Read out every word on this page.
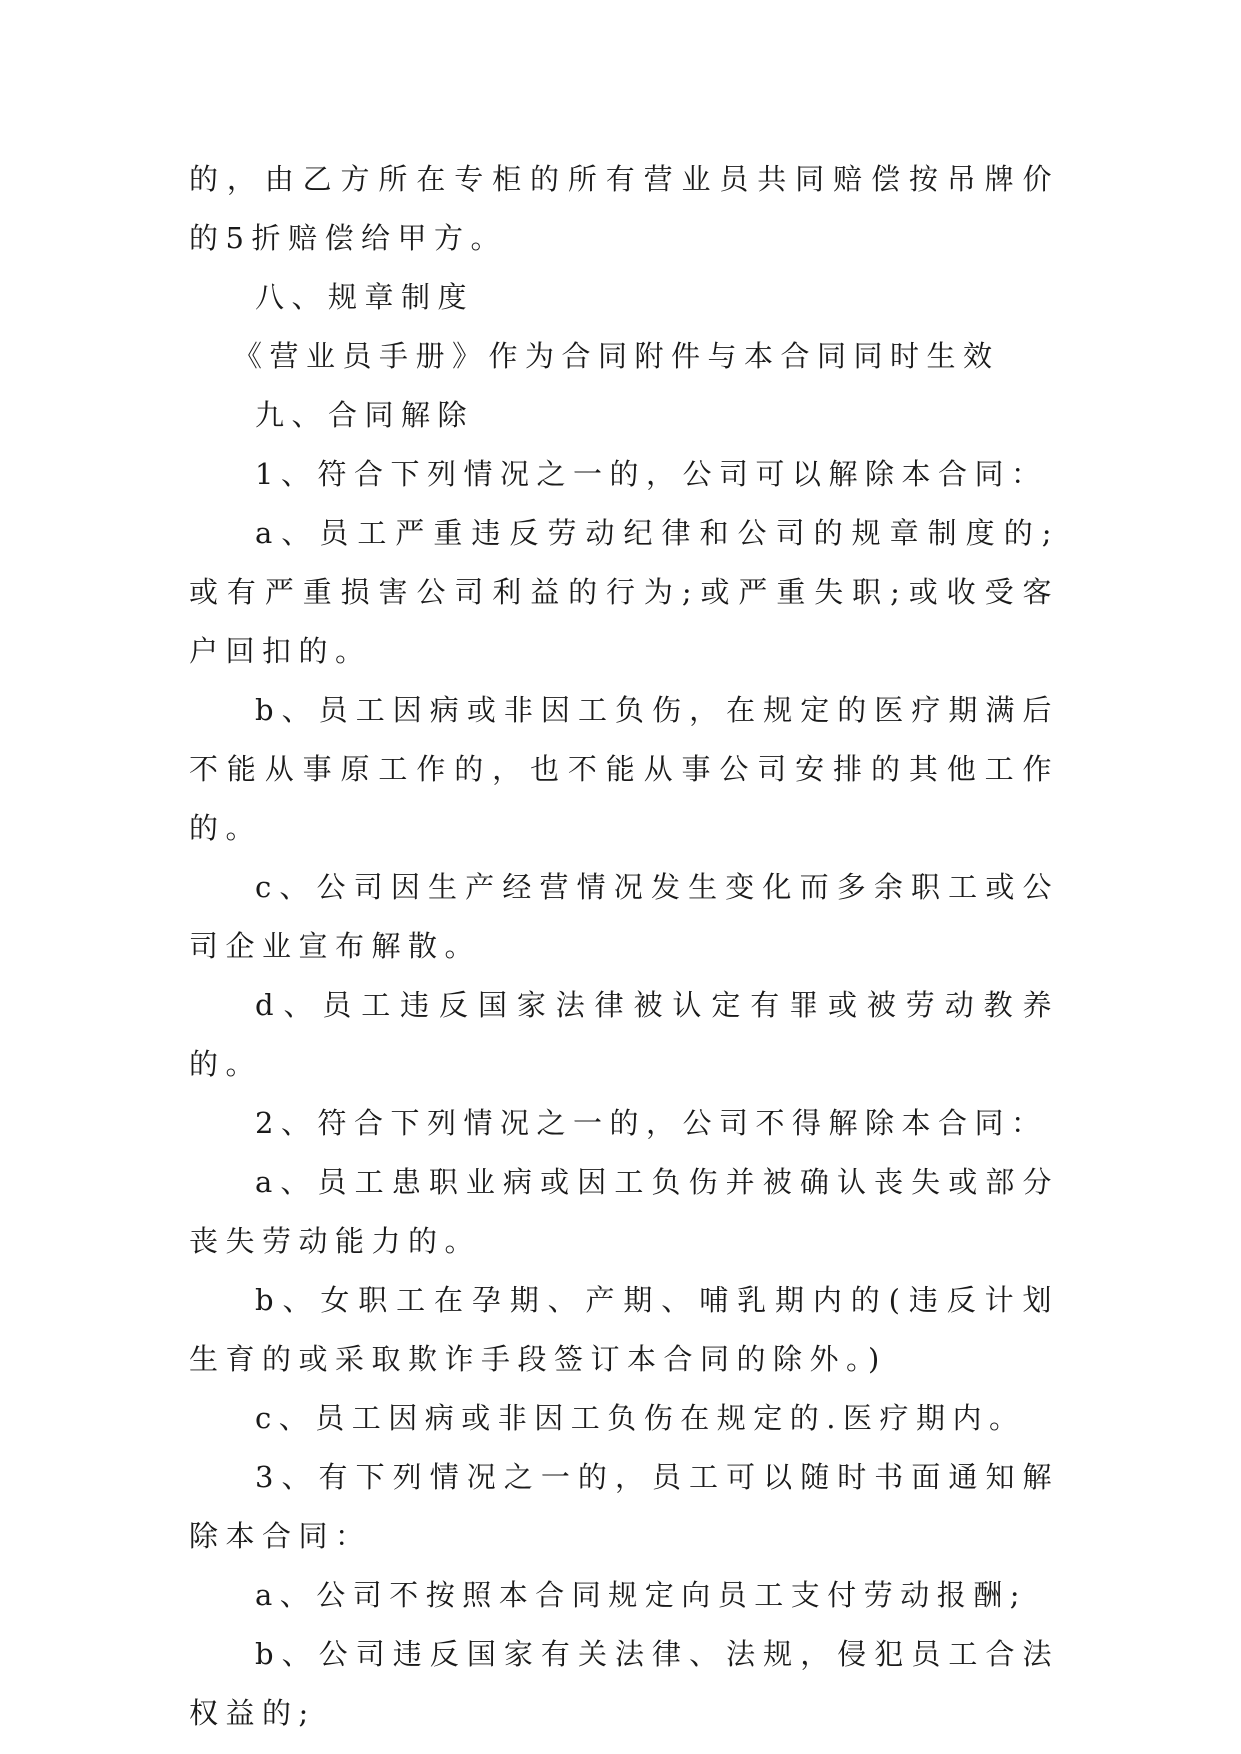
的，由乙方所在专柜的所有营业员共同赔偿按吊牌价的5折赔偿给甲方。

八、规章制度

《营业员手册》作为合同附件与本合同同时生效

九、合同解除

1、符合下列情况之一的，公司可以解除本合同：

a、员工严重违反劳动纪律和公司的规章制度的;或有严重损害公司利益的行为;或严重失职;或收受客户回扣的。

b、员工因病或非因工负伤，在规定的医疗期满后不能从事原工作的，也不能从事公司安排的其他工作的。

c、公司因生产经营情况发生变化而多余职工或公司企业宣布解散。

d、员工违反国家法律被认定有罪或被劳动教养的。

2、符合下列情况之一的，公司不得解除本合同：

a、员工患职业病或因工负伤并被确认丧失或部分丧失劳动能力的。

b、女职工在孕期、产期、哺乳期内的(违反计划生育的或采取欺诈手段签订本合同的除外。)

c、员工因病或非因工负伤在规定的.医疗期内。

3、有下列情况之一的，员工可以随时书面通知解除本合同：

a、公司不按照本合同规定向员工支付劳动报酬;

b、公司违反国家有关法律、法规，侵犯员工合法权益的;
